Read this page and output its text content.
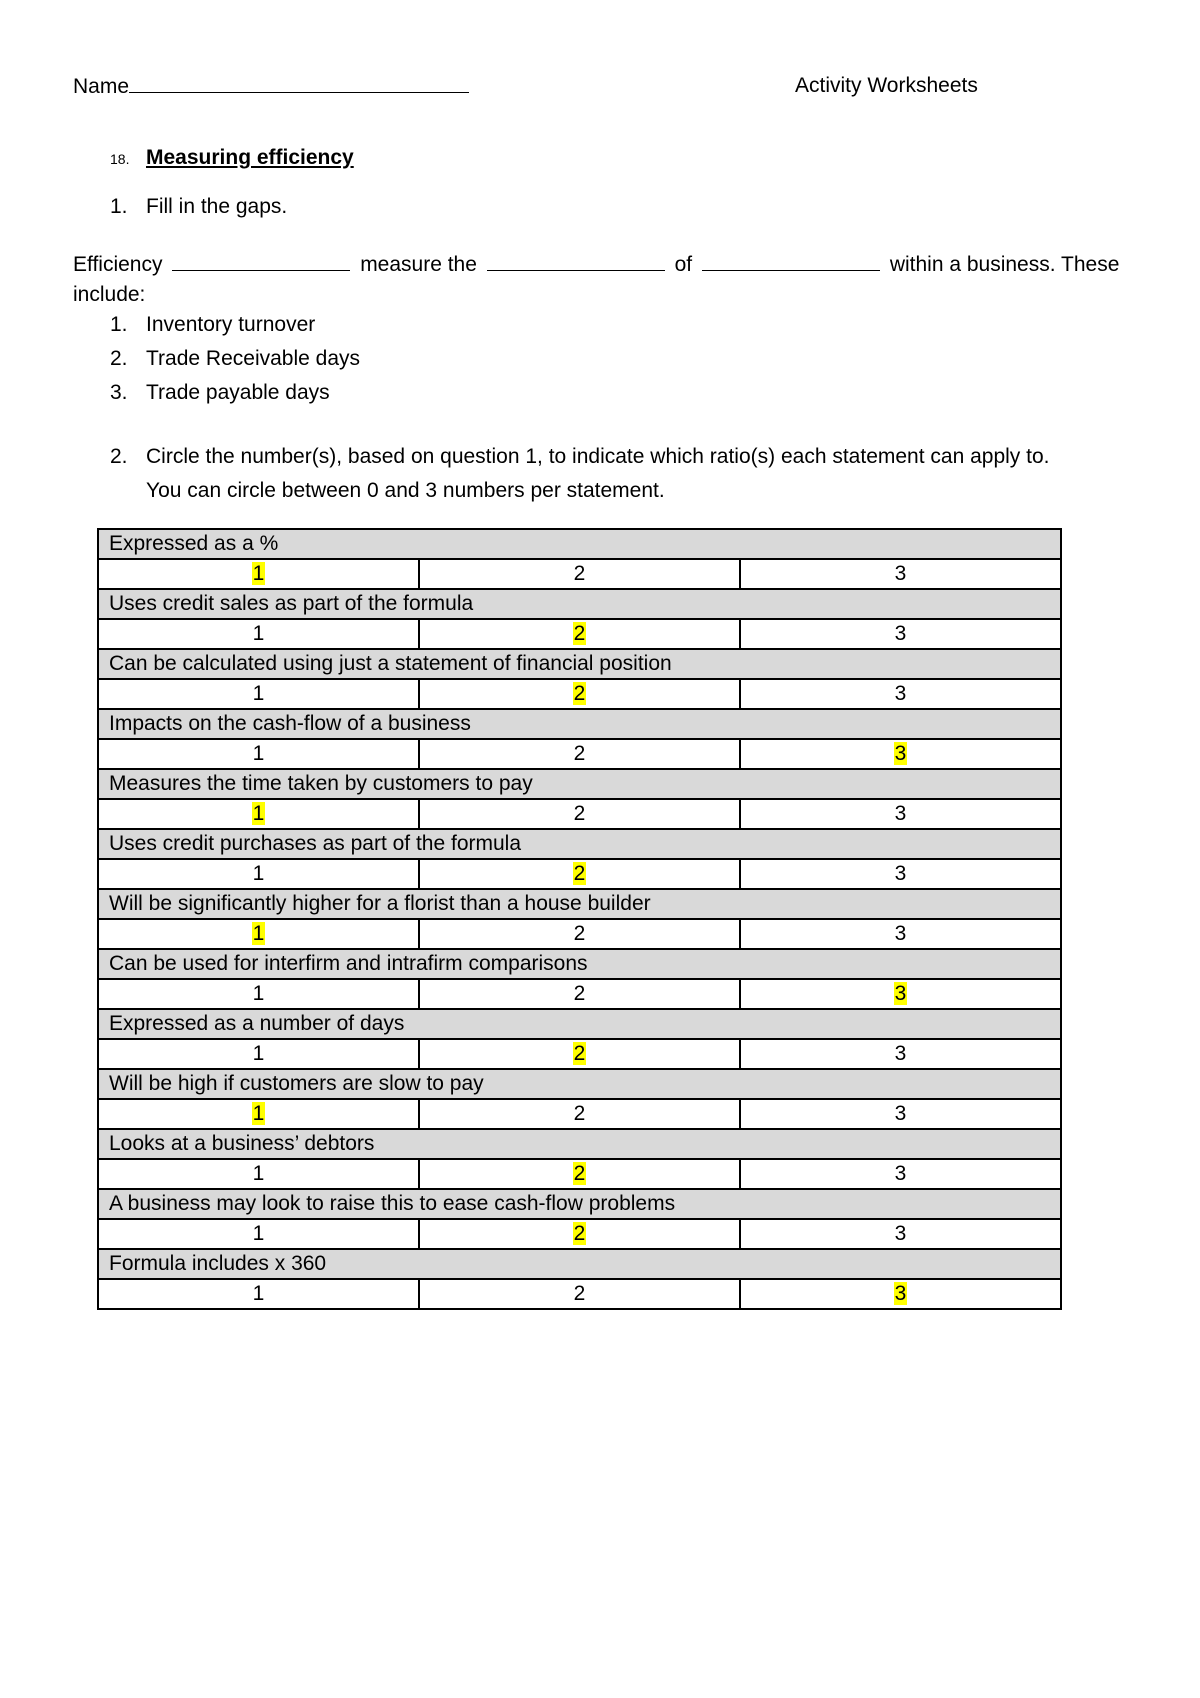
Name	Activity Worksheets
18. Measuring efficiency
1. Fill in the gaps.
Efficiency	measure the	of	within a business. These include:
1. Inventory turnover
2. Trade Receivable days
3. Trade payable days
2. Circle the number(s), based on question 1, to indicate which ratio(s) each statement can apply to.
You can circle between 0 and 3 numbers per statement.
Expressed as a %		
1	2	3
Uses credit sales as part of the formula		
1	2	3
Can be calculated using just a statement of financial position		
1	2	3
Impacts on the cash-flow of a business		
1	2	3
Measures the time taken by customers to pay		
1	2	3
Uses credit purchases as part of the formula		
1	2	3
Will be significantly higher for a florist than a house builder		
1	2	3
Can be used for interfirm and intrafirm comparisons		
1	2	3
Expressed as a number of days		
1	2	3
Will be high if customers are slow to pay		
1	2	3
Looks at a business’ debtors		
1	2	3
A business may look to raise this to ease cash-flow problems		
1	2	3
Formula includes x 360		
1	2	3
